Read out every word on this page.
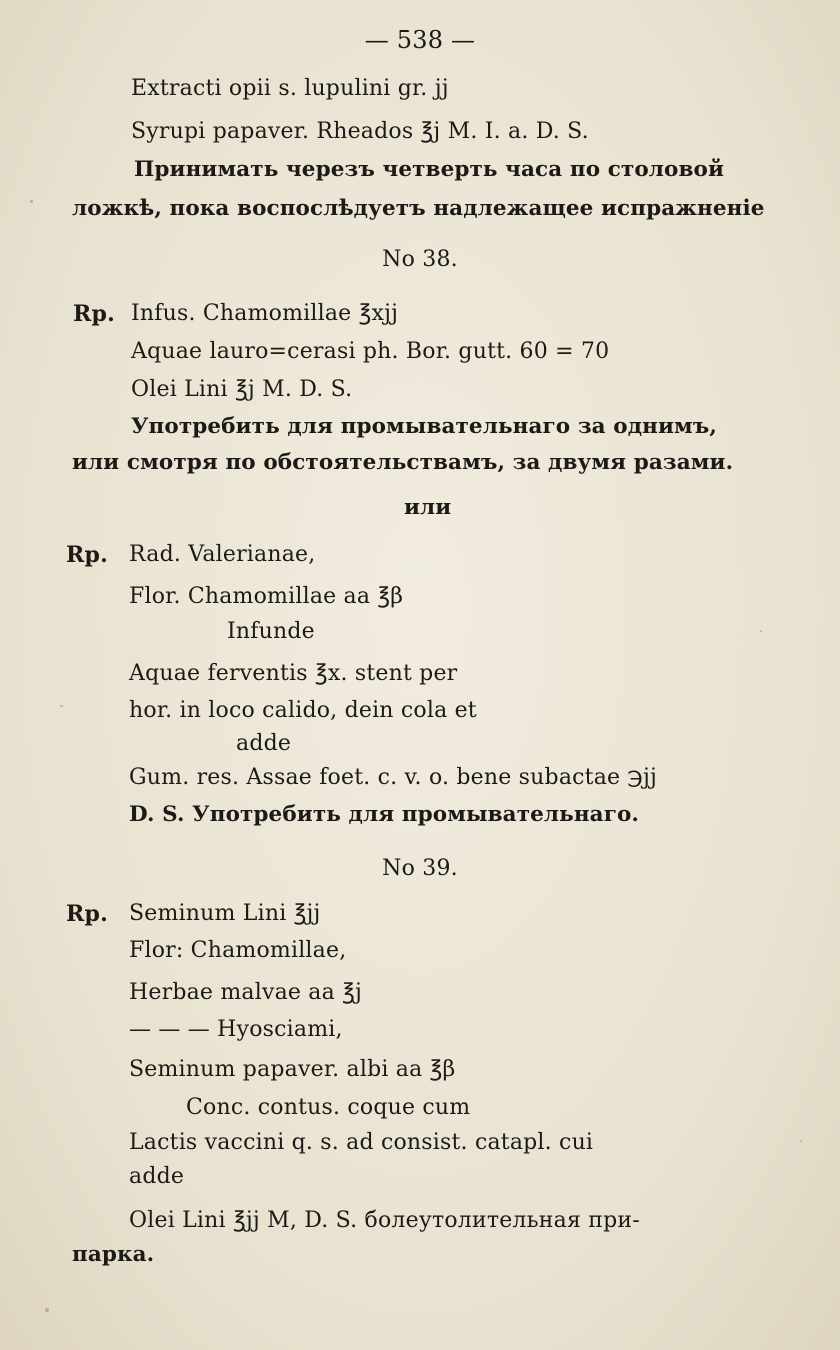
— 538 —
Extracti opii s. lupulini gr. jj
Syrupi papaver. Rheados ℥j M. I. a. D. S.
Принимать черезъ четверть часа по столовой
ложкѣ, пока воспослѣдуетъ надлежащее испражненіе
No 38.
Rp. Infus. Chamomillae ℥xjj
Aquae lauro=cerasi ph. Bor. gutt. 60 = 70
Olei Lini ℥j M. D. S.
Употребить для промывательнаго за однимъ,
или смотря по обстоятельствамъ, за двумя разами.
или
Rp. Rad. Valerianae,
Flor. Chamomillae aa ℥β
Infunde
Aquae ferventis ℥x. stent per
hor. in loco calido, dein cola et
adde
Gum. res. Assae foet. c. v. o. bene subactae ℈jj
D. S. Употребить для промывательнаго.
No 39.
Rp. Seminum Lini ℥jj
Flor: Chamomillae,
Herbae malvae aa ℥j
— — — Hyosciami,
Seminum papaver. albi aa ℥β
Conc. contus. coque cum
Lactis vaccini q. s. ad consist. catapl. cui
adde
Olei Lini ℥jj M, D. S. болеутолительная при-
парка.
